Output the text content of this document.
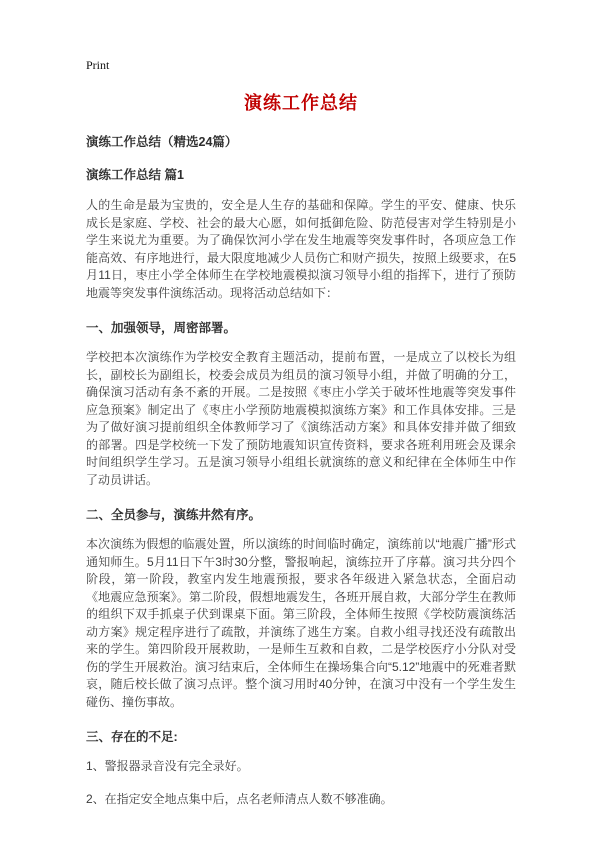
Print
演练工作总结
演练工作总结（精选24篇）
演练工作总结 篇1

人的生命是最为宝贵的，安全是人生存的基础和保障。学生的平安、健康、快乐成长是家庭、学校、社会的最大心愿，如何抵御危险、防范侵害对学生特别是小学生来说尤为重要。为了确保饮河小学在发生地震等突发事件时，各项应急工作能高效、有序地进行，最大限度地减少人员伤亡和财产损失，按照上级要求，在5月11日，枣庄小学全体师生在学校地震模拟演习领导小组的指挥下，进行了预防地震等突发事件演练活动。现将活动总结如下：

一、加强领导，周密部署。

学校把本次演练作为学校安全教育主题活动，提前布置，一是成立了以校长为组长，副校长为副组长，校委会成员为组员的演习领导小组，并做了明确的分工，确保演习活动有条不紊的开展。二是按照《枣庄小学关于破坏性地震等突发事件应急预案》制定出了《枣庄小学预防地震模拟演练方案》和工作具体安排。三是为了做好演习提前组织全体教师学习了《演练活动方案》和具体安排并做了细致的部署。四是学校统一下发了预防地震知识宣传资料，要求各班利用班会及课余时间组织学生学习。五是演习领导小组组长就演练的意义和纪律在全体师生中作了动员讲话。

二、全员参与，演练井然有序。

本次演练为假想的临震处置，所以演练的时间临时确定，演练前以“地震广播”形式通知师生。5月11日下午3时30分整，警报响起，演练拉开了序幕。演习共分四个阶段，第一阶段，教室内发生地震预报，要求各年级进入紧急状态，全面启动《地震应急预案》。第二阶段，假想地震发生，各班开展自救，大部分学生在教师的组织下双手抓桌子伏到课桌下面。第三阶段，全体师生按照《学校防震演练活动方案》规定程序进行了疏散，并演练了逃生方案。自救小组寻找还没有疏散出来的学生。第四阶段开展救助，一是师生互救和自救，二是学校医疗小分队对受伤的学生开展救治。演习结束后，全体师生在操场集合向“5.12”地震中的死难者默哀，随后校长做了演习点评。整个演习用时40分钟，在演习中没有一个学生发生碰伤、撞伤事故。

三、存在的不足:

1、警报器录音没有完全录好。

2、在指定安全地点集中后，点名老师清点人数不够准确。
